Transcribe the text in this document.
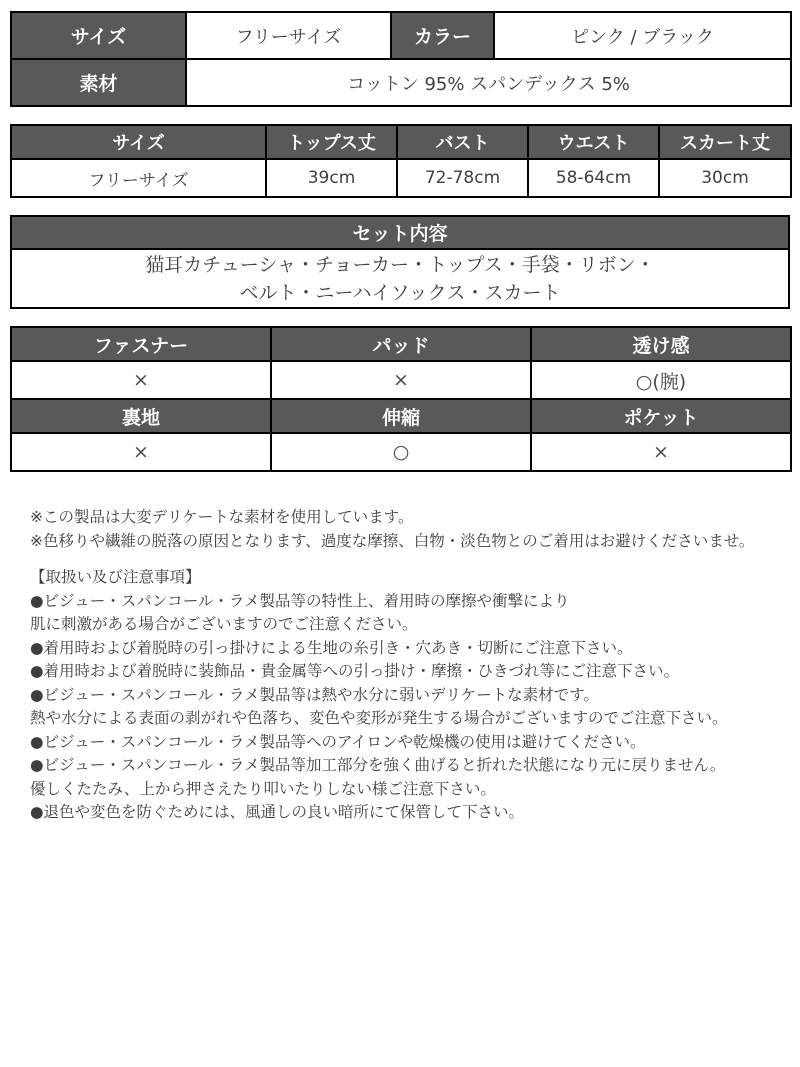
サイズ	フリーサイズ	カラー	ピンク / ブラック
素材	コットン 95% スパンデックス 5%		
サイズ	トップス丈	バスト	ウエスト	スカート丈
フリーサイズ	39cm	72-78cm	58-64cm	30cm
セット内容

猫耳カチューシャ・チョーカー・トップス・手袋・リボン・
ベルト・ニーハイソックス・スカート
ファスナー	パッド	透け感
×	×	○(腕)
裏地	伸縮	ポケット
×	○	×
※この製品は大変デリケートな素材を使用しています。
※色移りや繊維の脱落の原因となります、過度な摩擦、白物・淡色物とのご着用はお避けくださいませ。
【取扱い及び注意事項】
●ビジュー・スパンコール・ラメ製品等の特性上、着用時の摩擦や衝撃により
肌に刺激がある場合がございますのでご注意ください。
●着用時および着脱時の引っ掛けによる生地の糸引き・穴あき・切断にご注意下さい。
●着用時および着脱時に装飾品・貴金属等への引っ掛け・摩擦・ひきづれ等にご注意下さい。
●ビジュー・スパンコール・ラメ製品等は熱や水分に弱いデリケートな素材です。
熱や水分による表面の剥がれや色落ち、変色や変形が発生する場合がございますのでご注意下さい。
●ビジュー・スパンコール・ラメ製品等へのアイロンや乾燥機の使用は避けてください。
●ビジュー・スパンコール・ラメ製品等加工部分を強く曲げると折れた状態になり元に戻りません。
優しくたたみ、上から押さえたり叩いたりしない様ご注意下さい。
●退色や変色を防ぐためには、風通しの良い暗所にて保管して下さい。
